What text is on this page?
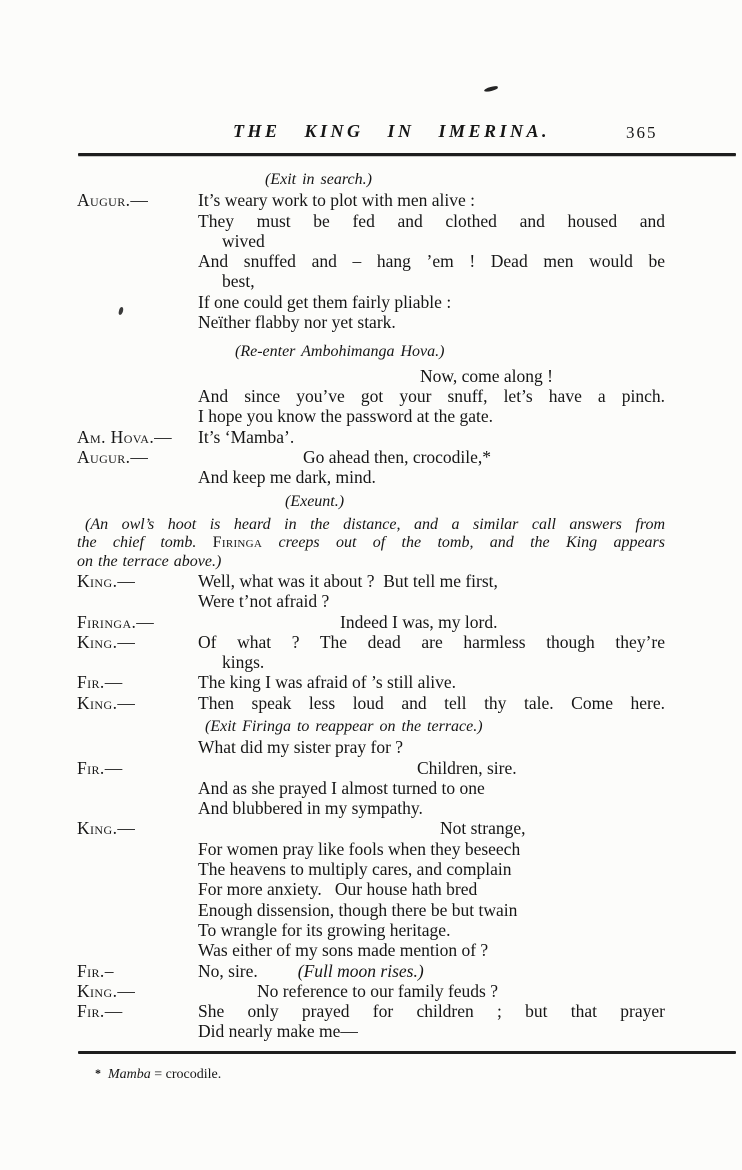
THE KING IN IMERINA.	365
(Exit in search.)
Augur.—	It’s weary work to plot with men alive :
They must be fed and clothed and housed and
wived
And snuffed and – hang ’em ! Dead men would be
best,
If one could get them fairly pliable :
Neïther flabby nor yet stark.
(Re-enter Ambohimanga Hova.)
Now, come along !
And since you’ve got your snuff, let’s have a pinch.
I hope you know the password at the gate.
Am. Hova.— It’s ‘Mamba’.
Augur.—	Go ahead then, crocodile,*
And keep me dark, mind.
(Exeunt.)
(An owl’s hoot is heard in the distance, and a similar call answers from
the chief tomb. Firinga creeps out of the tomb, and the King appears
on the terrace above.)
King.—	Well, what was it about ?  But tell me first,
Were t’not afraid ?
Firinga.—	Indeed I was, my lord.
King.—	Of what ? The dead are harmless though they’re
kings.
Fir.—	The king I was afraid of ’s still alive.
King.—	Then speak less loud and tell thy tale. Come here.
(Exit Firinga to reappear on the terrace.)
What did my sister pray for ?
Fir.—	Children, sire.
And as she prayed I almost turned to one
And blubbered in my sympathy.
King.—	Not strange,
For women pray like fools when they beseech
The heavens to multiply cares, and complain
For more anxiety.   Our house hath bred
Enough dissension, though there be but twain
To wrangle for its growing heritage.
Was either of my sons made mention of ?
Fir.–	No, sire. (Full moon rises.)
King.—	No reference to our family feuds ?
Fir.—	She only prayed for children ; but that prayer
Did nearly make me—
* Mamba = crocodile.
